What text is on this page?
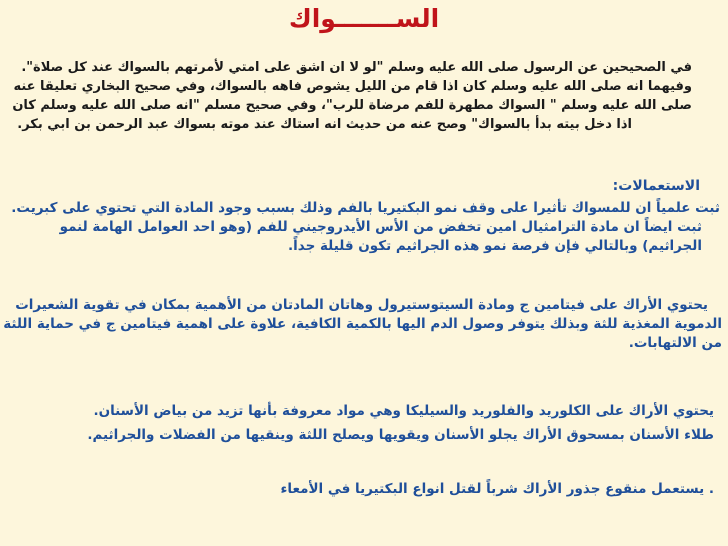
الســـــــواك
في الصحيحين عن الرسول صلى الله عليه وسلم "لو لا ان اشق على امتي لأمرتهم بالسواك عند كل صلاة".
وفيهما انه صلى الله عليه وسلم كان اذا قام من الليل يشوص فاهه بالسواك، وفي صحيح البخاري تعليقا عنه
صلى الله عليه وسلم " السواك مطهرة للفم مرضاة للرب"، وفي صحيح مسلم "انه صلى الله عليه وسلم كان
اذا دخل بيته بدأ بالسواك" وصح عنه من حديث انه استاك عند موته بسواك عبد الرحمن بن ابي بكر.
الاستعمالات:
ثبت علمياً ان للمسواك تأثيرا على وقف نمو البكتيريا بالفم وذلك بسبب وجود المادة التي تحتوي على كبريت.
ثبت ايضاً ان مادة الترامثيال امين تخفض من الأس الأيدروجيني للفم (وهو احد العوامل الهامة لنمو
الجراثيم) وبالتالي فإن فرصة نمو هذه الجراثيم تكون قليلة جداً.
يحتوي الأراك على فيتامين ج ومادة السيتوستيرول وهاتان المادتان من الأهمية بمكان في تقوية الشعيرات
الدموية المغذية للثة وبذلك يتوفر وصول الدم اليها بالكمية الكافية، علاوة على اهمية فيتامين ج في حماية اللثة
من الالتهابات.
يحتوي الأراك على الكلوريد والفلوريد والسيليكا وهي مواد معروفة بأنها تزيد من بياض الأسنان.
طلاء الأسنان بمسحوق الأراك يجلو الأسنان ويقويها ويصلح اللثة وينقيها من الفضلات والجراثيم.
. يستعمل منقوع جذور الأراك شرباً لقتل انواع البكتيريا في الأمعاء
